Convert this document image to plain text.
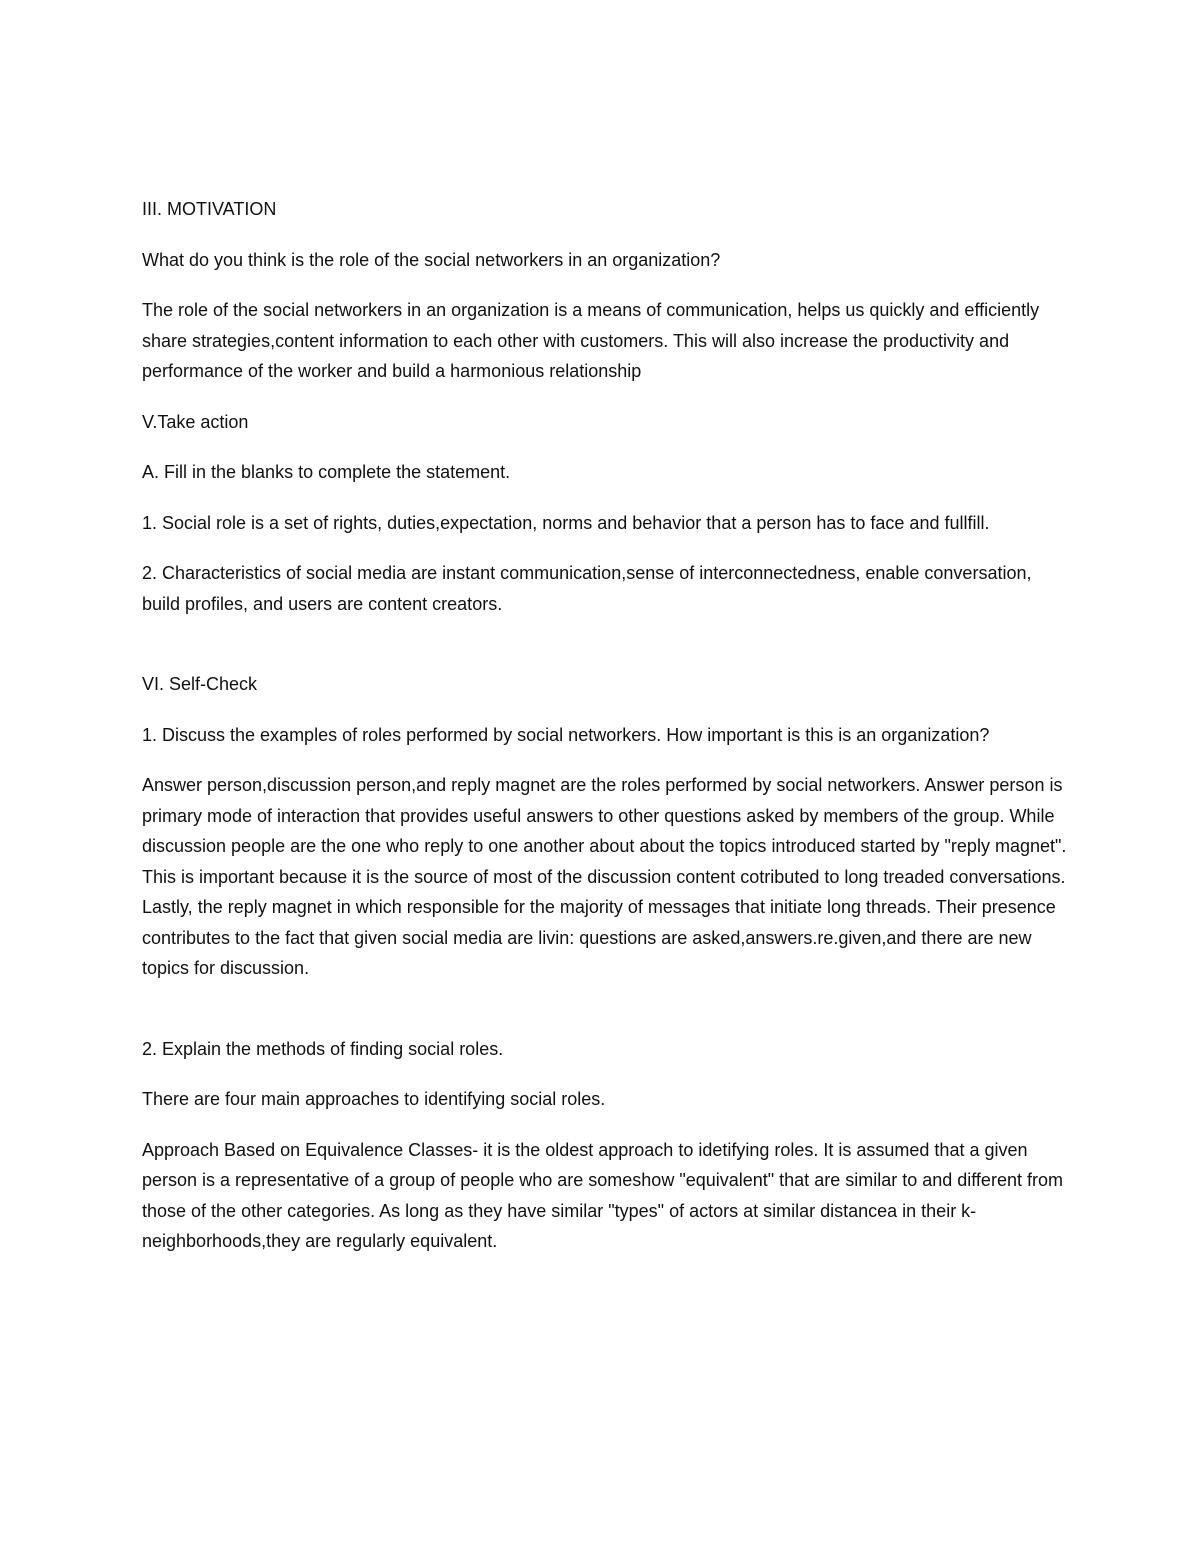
III. MOTIVATION

What do you think is the role of the social networkers in an organization?

The role of the social networkers in an organization is a means of communication, helps us quickly and efficiently share strategies,content information to each other with customers. This will also increase the productivity and performance of the worker and build a harmonious relationship

V.Take action

A. Fill in the blanks to complete the statement.

1. Social role is a set of rights, duties,expectation, norms and behavior that a person has to face and fullfill.

2. Characteristics of social media are instant communication,sense of interconnectedness, enable conversation, build profiles, and users are content creators.

VI. Self-Check

1. Discuss the examples of roles performed by social networkers. How important is this is an organization?

Answer person,discussion person,and reply magnet are the roles performed by social networkers. Answer person is primary mode of interaction that provides useful answers to other questions asked by members of the group. While discussion people are the one who reply to one another about about the topics introduced started by "reply magnet". This is important because it is the source of most of the discussion content cotributed to long treaded conversations. Lastly, the reply magnet in which responsible for the majority of messages that initiate long threads. Their presence contributes to the fact that given social media are livin: questions are asked,answers.re.given,and there are new topics for discussion.

2. Explain the methods of finding social roles.

There are four main approaches to identifying social roles.

Approach Based on Equivalence Classes- it is the oldest approach to idetifying roles. It is assumed that a given person is a representative of a group of people who are someshow "equivalent" that are similar to and different from those of the other categories. As long as they have similar "types" of actors at similar distancea in their k-neighborhoods,they are regularly equivalent.
